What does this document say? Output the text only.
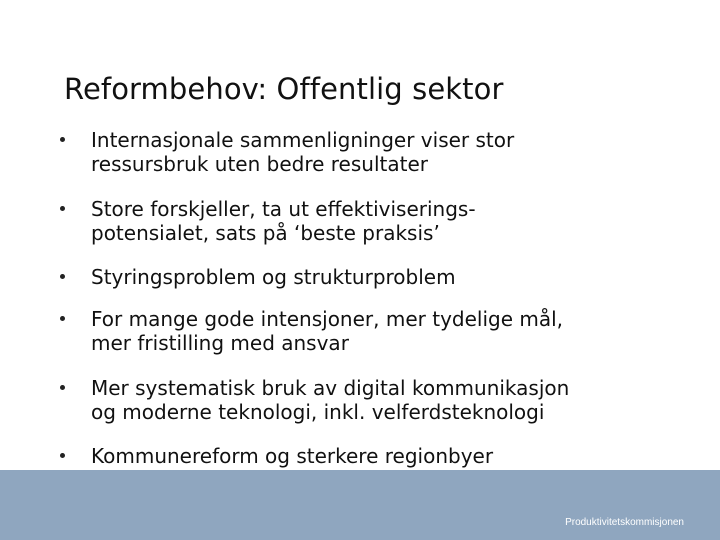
Reformbehov: Offentlig sektor
Internasjonale sammenligninger viser stor
ressursbruk uten bedre resultater
Store forskjeller, ta ut effektiviserings-
potensialet, sats på ‘beste praksis’
Styringsproblem og strukturproblem
For mange gode intensjoner, mer tydelige mål,
mer fristilling med ansvar
Mer systematisk bruk av digital kommunikasjon
og moderne teknologi, inkl. velferdsteknologi
Kommunereform og sterkere regionbyer
Produktivitetskommisjonen
